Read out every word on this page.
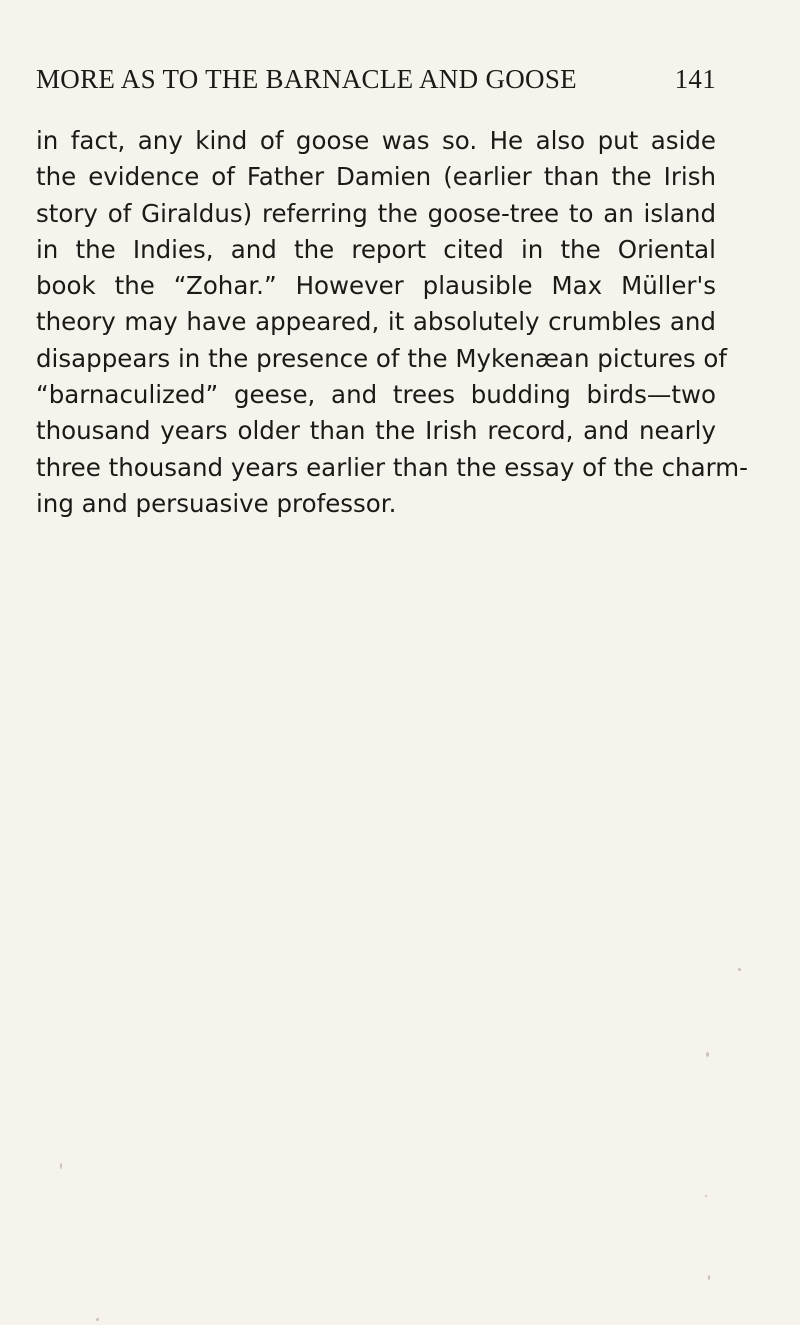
MORE AS TO THE BARNACLE AND GOOSE	141
in fact, any kind of goose was so. He also put aside
the evidence of Father Damien (earlier than the Irish
story of Giraldus) referring the goose-tree to an island
in the Indies, and the report cited in the Oriental
book the “Zohar.” However plausible Max Müller's
theory may have appeared, it absolutely crumbles and
disappears in the presence of the Mykenæan pictures of
“barnaculized” geese, and trees budding birds—two
thousand years older than the Irish record, and nearly
three thousand years earlier than the essay of the charm-
ing and persuasive professor.
